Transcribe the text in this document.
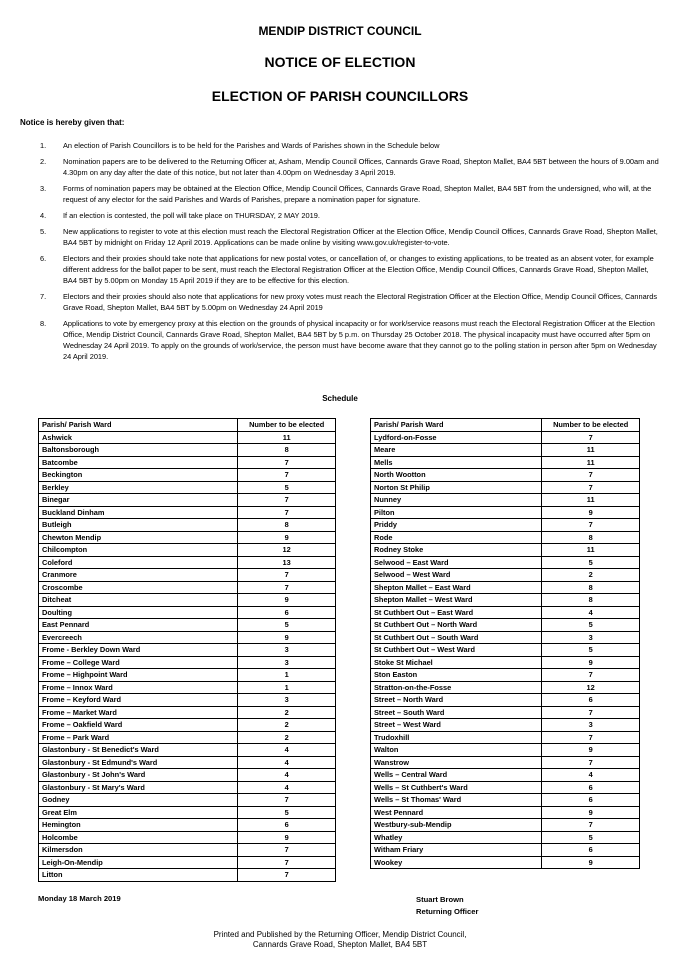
MENDIP DISTRICT COUNCIL
NOTICE OF ELECTION
ELECTION OF PARISH COUNCILLORS
Notice is hereby given that:
1. An election of Parish Councillors is to be held for the Parishes and Wards of Parishes shown in the Schedule below
2. Nomination papers are to be delivered to the Returning Officer at, Asham, Mendip Council Offices, Cannards Grave Road, Shepton Mallet, BA4 5BT between the hours of 9.00am and 4.30pm on any day after the date of this notice, but not later than 4.00pm on Wednesday 3 April 2019.
3. Forms of nomination papers may be obtained at the Election Office, Mendip Council Offices, Cannards Grave Road, Shepton Mallet, BA4 5BT from the undersigned, who will, at the request of any elector for the said Parishes and Wards of Parishes, prepare a nomination paper for signature.
4. If an election is contested, the poll will take place on THURSDAY, 2 MAY 2019.
5. New applications to register to vote at this election must reach the Electoral Registration Officer at the Election Office, Mendip Council Offices, Cannards Grave Road, Shepton Mallet, BA4 5BT by midnight on Friday 12 April 2019. Applications can be made online by visiting www.gov.uk/register-to-vote.
6. Electors and their proxies should take note that applications for new postal votes, or cancellation of, or changes to existing applications, to be treated as an absent voter, for example different address for the ballot paper to be sent, must reach the Electoral Registration Officer at the Election Office, Mendip Council Offices, Cannards Grave Road, Shepton Mallet, BA4 5BT by 5.00pm on Monday 15 April 2019 if they are to be effective for this election.
7. Electors and their proxies should also note that applications for new proxy votes must reach the Electoral Registration Officer at the Election Office, Mendip Council Offices, Cannards Grave Road, Shepton Mallet, BA4 5BT by 5.00pm on Wednesday 24 April 2019
8. Applications to vote by emergency proxy at this election on the grounds of physical incapacity or for work/service reasons must reach the Electoral Registration Officer at the Election Office, Mendip District Council, Cannards Grave Road, Shepton Mallet, BA4 5BT by 5 p.m. on Thursday 25 October 2018. The physical incapacity must have occurred after 5pm on Wednesday 24 April 2019. To apply on the grounds of work/service, the person must have become aware that they cannot go to the polling station in person after 5pm on Wednesday 24 April 2019.
Schedule
Parish/ Parish Ward	Number to be elected
Ashwick	11
Baltonsborough	8
Batcombe	7
Beckington	7
Berkley	5
Binegar	7
Buckland Dinham	7
Butleigh	8
Chewton Mendip	9
Chilcompton	12
Coleford	13
Cranmore	7
Croscombe	7
Ditcheat	9
Doulting	6
East Pennard	5
Evercreech	9
Frome - Berkley Down Ward	3
Frome – College Ward	3
Frome – Highpoint Ward	1
Frome – Innox Ward	1
Frome – Keyford Ward	3
Frome – Market Ward	2
Frome – Oakfield Ward	2
Frome – Park Ward	2
Glastonbury - St Benedict's Ward	4
Glastonbury - St Edmund's Ward	4
Glastonbury - St John's Ward	4
Glastonbury - St Mary's Ward	4
Godney	7
Great Elm	5
Hemington	6
Holcombe	9
Kilmersdon	7
Leigh-On-Mendip	7
Litton	7
Parish/ Parish Ward	Number to be elected
Lydford-on-Fosse	7
Meare	11
Mells	11
North Wootton	7
Norton St Philip	7
Nunney	11
Pilton	9
Priddy	7
Rode	8
Rodney Stoke	11
Selwood – East Ward	5
Selwood – West Ward	2
Shepton Mallet – East Ward	8
Shepton Mallet – West Ward	8
St Cuthbert Out – East Ward	4
St Cuthbert Out – North Ward	5
St Cuthbert Out – South Ward	3
St Cuthbert Out – West Ward	5
Stoke St Michael	9
Ston Easton	7
Stratton-on-the-Fosse	12
Street – North Ward	6
Street – South Ward	7
Street – West Ward	3
Trudoxhill	7
Walton	9
Wanstrow	7
Wells – Central Ward	4
Wells – St Cuthbert's Ward	6
Wells – St Thomas' Ward	6
West Pennard	9
Westbury-sub-Mendip	7
Whatley	5
Witham Friary	6
Wookey	9
Monday 18 March 2019	Stuart Brown
Returning Officer
Printed and Published by the Returning Officer, Mendip District Council,
Cannards Grave Road, Shepton Mallet, BA4 5BT
